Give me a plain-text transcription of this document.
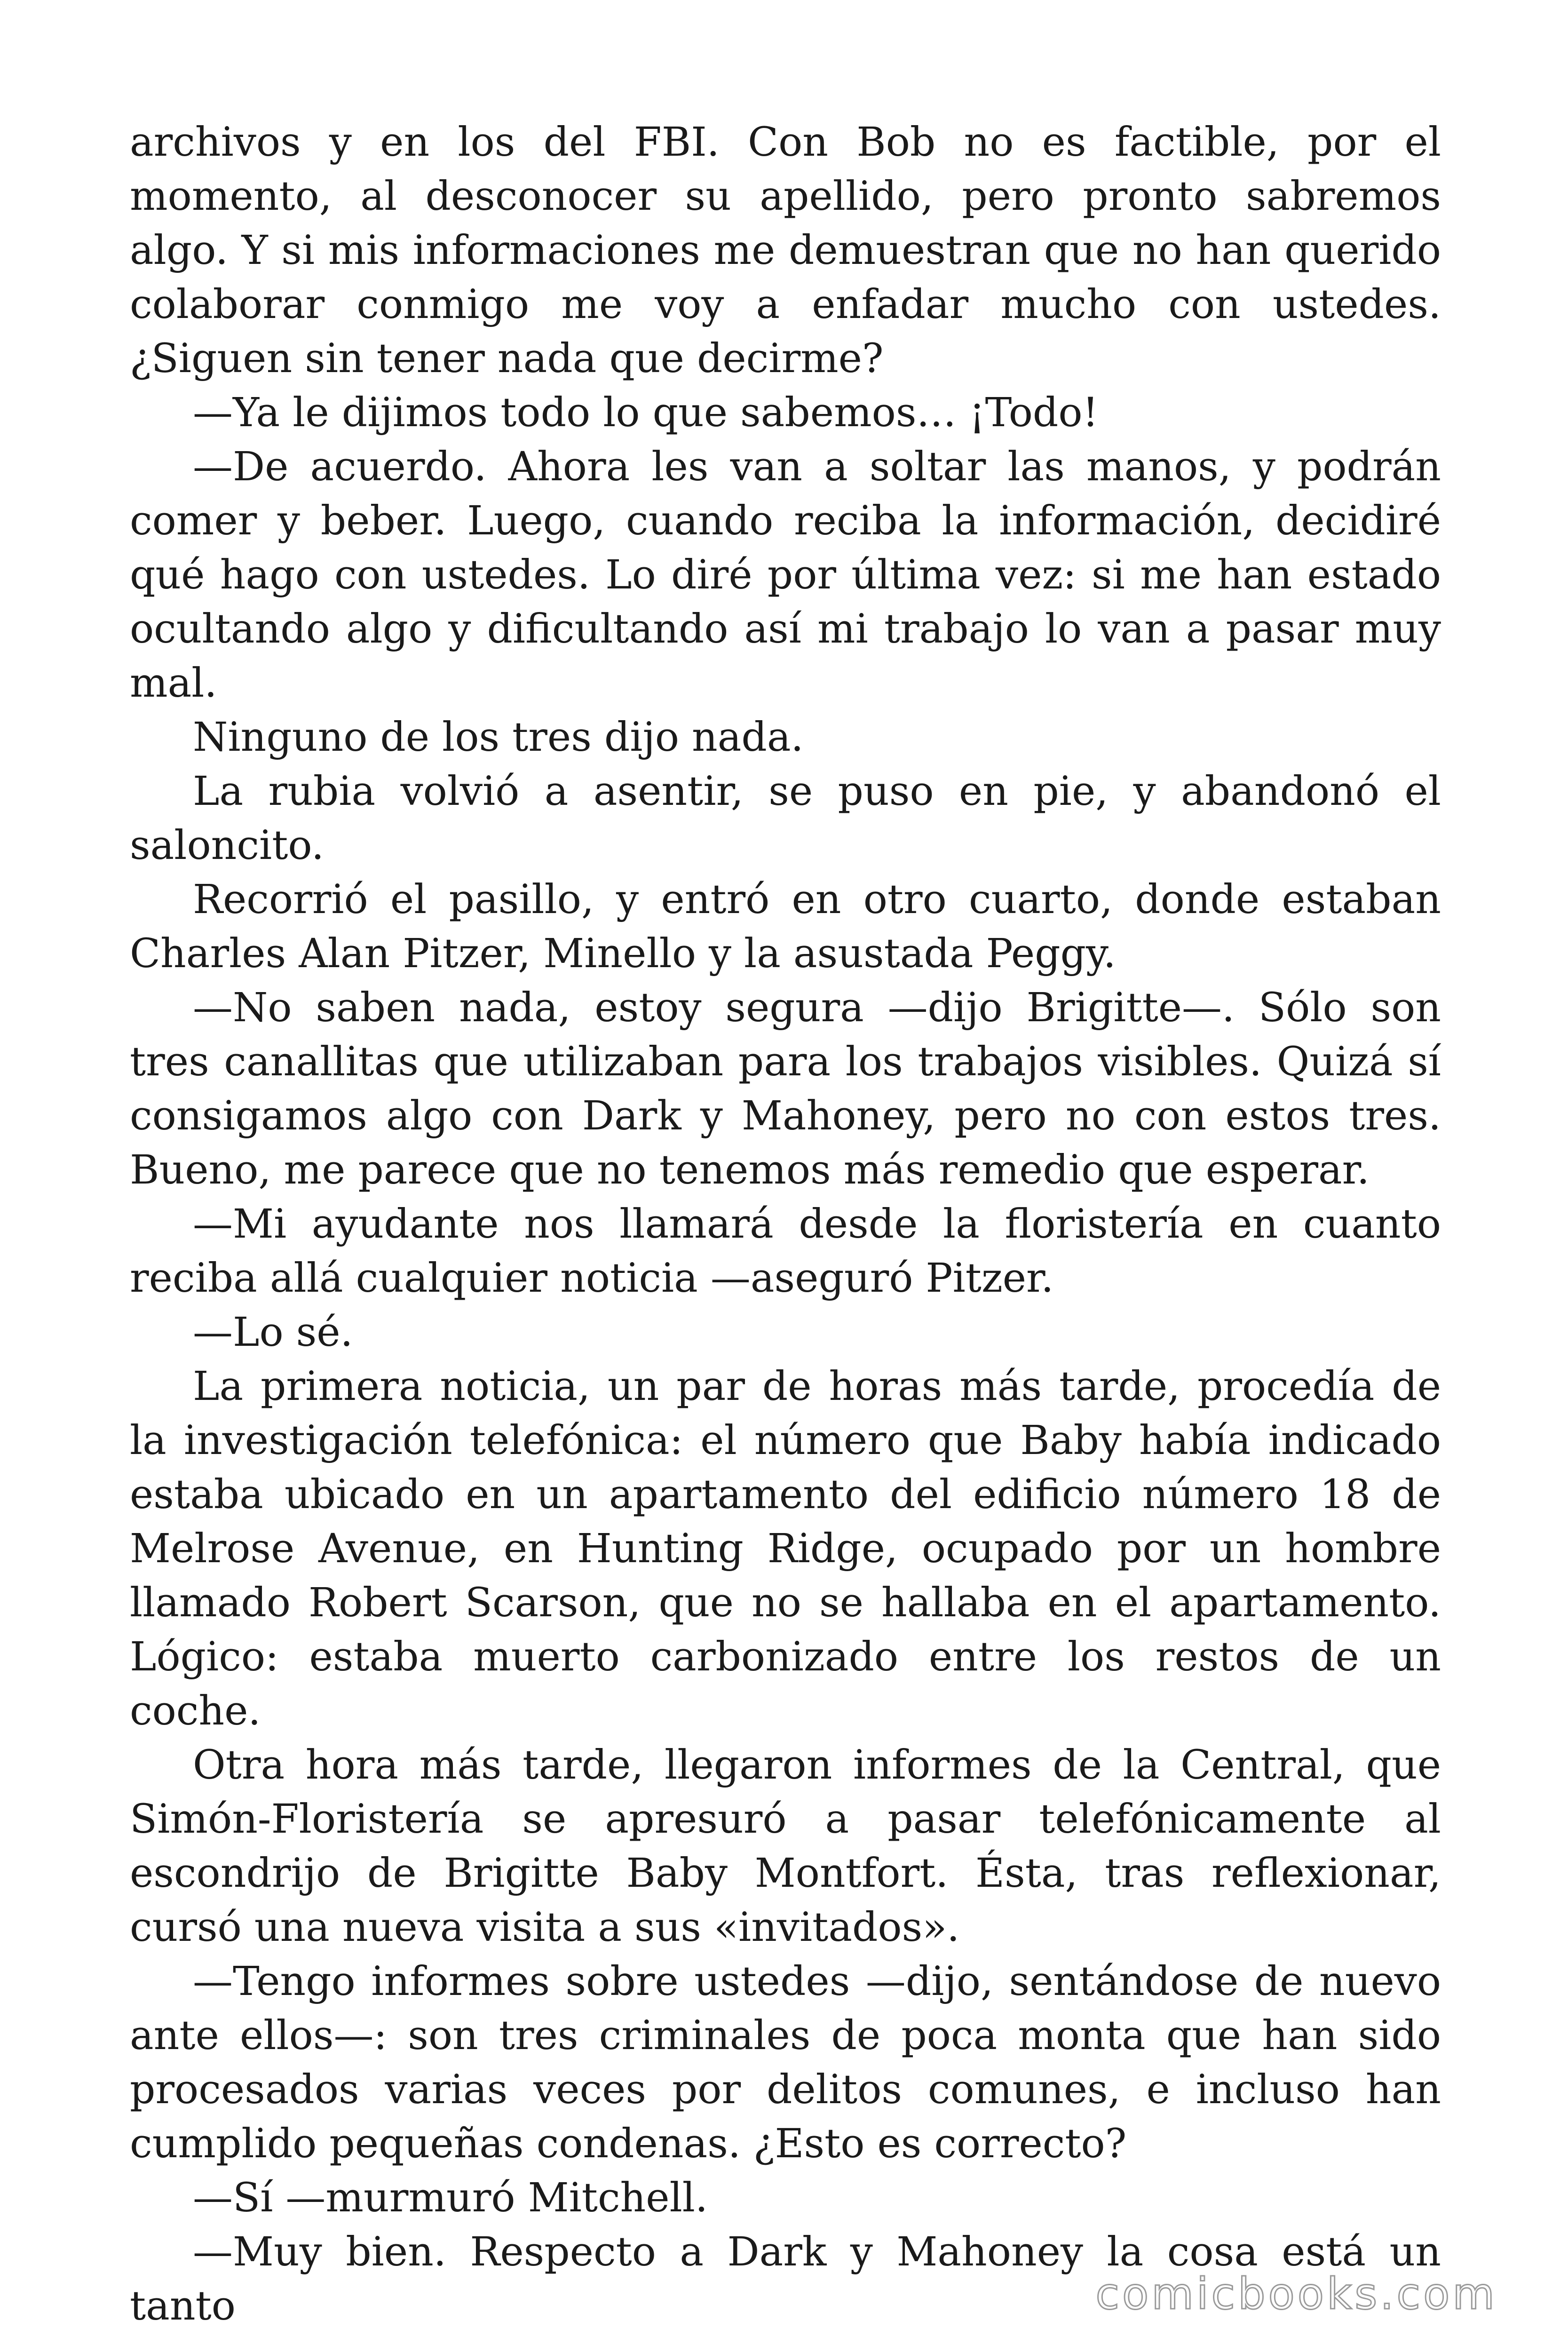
archivos y en los del FBI. Con Bob no es factible, por el momento, al desconocer su apellido, pero pronto sabremos algo. Y si mis informaciones me demuestran que no han querido colaborar conmigo me voy a enfadar mucho con ustedes. ¿Siguen sin tener nada que decirme?

—Ya le dijimos todo lo que sabemos… ¡Todo!

—De acuerdo. Ahora les van a soltar las manos, y podrán comer y beber. Luego, cuando reciba la información, decidiré qué hago con ustedes. Lo diré por última vez: si me han estado ocultando algo y dificultando así mi trabajo lo van a pasar muy mal.

Ninguno de los tres dijo nada.

La rubia volvió a asentir, se puso en pie, y abandonó el saloncito.

Recorrió el pasillo, y entró en otro cuarto, donde estaban Charles Alan Pitzer, Minello y la asustada Peggy.

—No saben nada, estoy segura —dijo Brigitte—. Sólo son tres canallitas que utilizaban para los trabajos visibles. Quizá sí consigamos algo con Dark y Mahoney, pero no con estos tres. Bueno, me parece que no tenemos más remedio que esperar.

—Mi ayudante nos llamará desde la floristería en cuanto reciba allá cualquier noticia —aseguró Pitzer.

—Lo sé.

La primera noticia, un par de horas más tarde, procedía de la investigación telefónica: el número que Baby había indicado estaba ubicado en un apartamento del edificio número 18 de Melrose Avenue, en Hunting Ridge, ocupado por un hombre llamado Robert Scarson, que no se hallaba en el apartamento. Lógico: estaba muerto carbonizado entre los restos de un coche.

Otra hora más tarde, llegaron informes de la Central, que Simón-Floristería se apresuró a pasar telefónicamente al escondrijo de Brigitte Baby Montfort. Ésta, tras reflexionar, cursó una nueva visita a sus «invitados».

—Tengo informes sobre ustedes —dijo, sentándose de nuevo ante ellos—: son tres criminales de poca monta que han sido procesados varias veces por delitos comunes, e incluso han cumplido pequeñas condenas. ¿Esto es correcto?

—Sí —murmuró Mitchell.

—Muy bien. Respecto a Dark y Mahoney la cosa está un tanto	comicbooks.com
